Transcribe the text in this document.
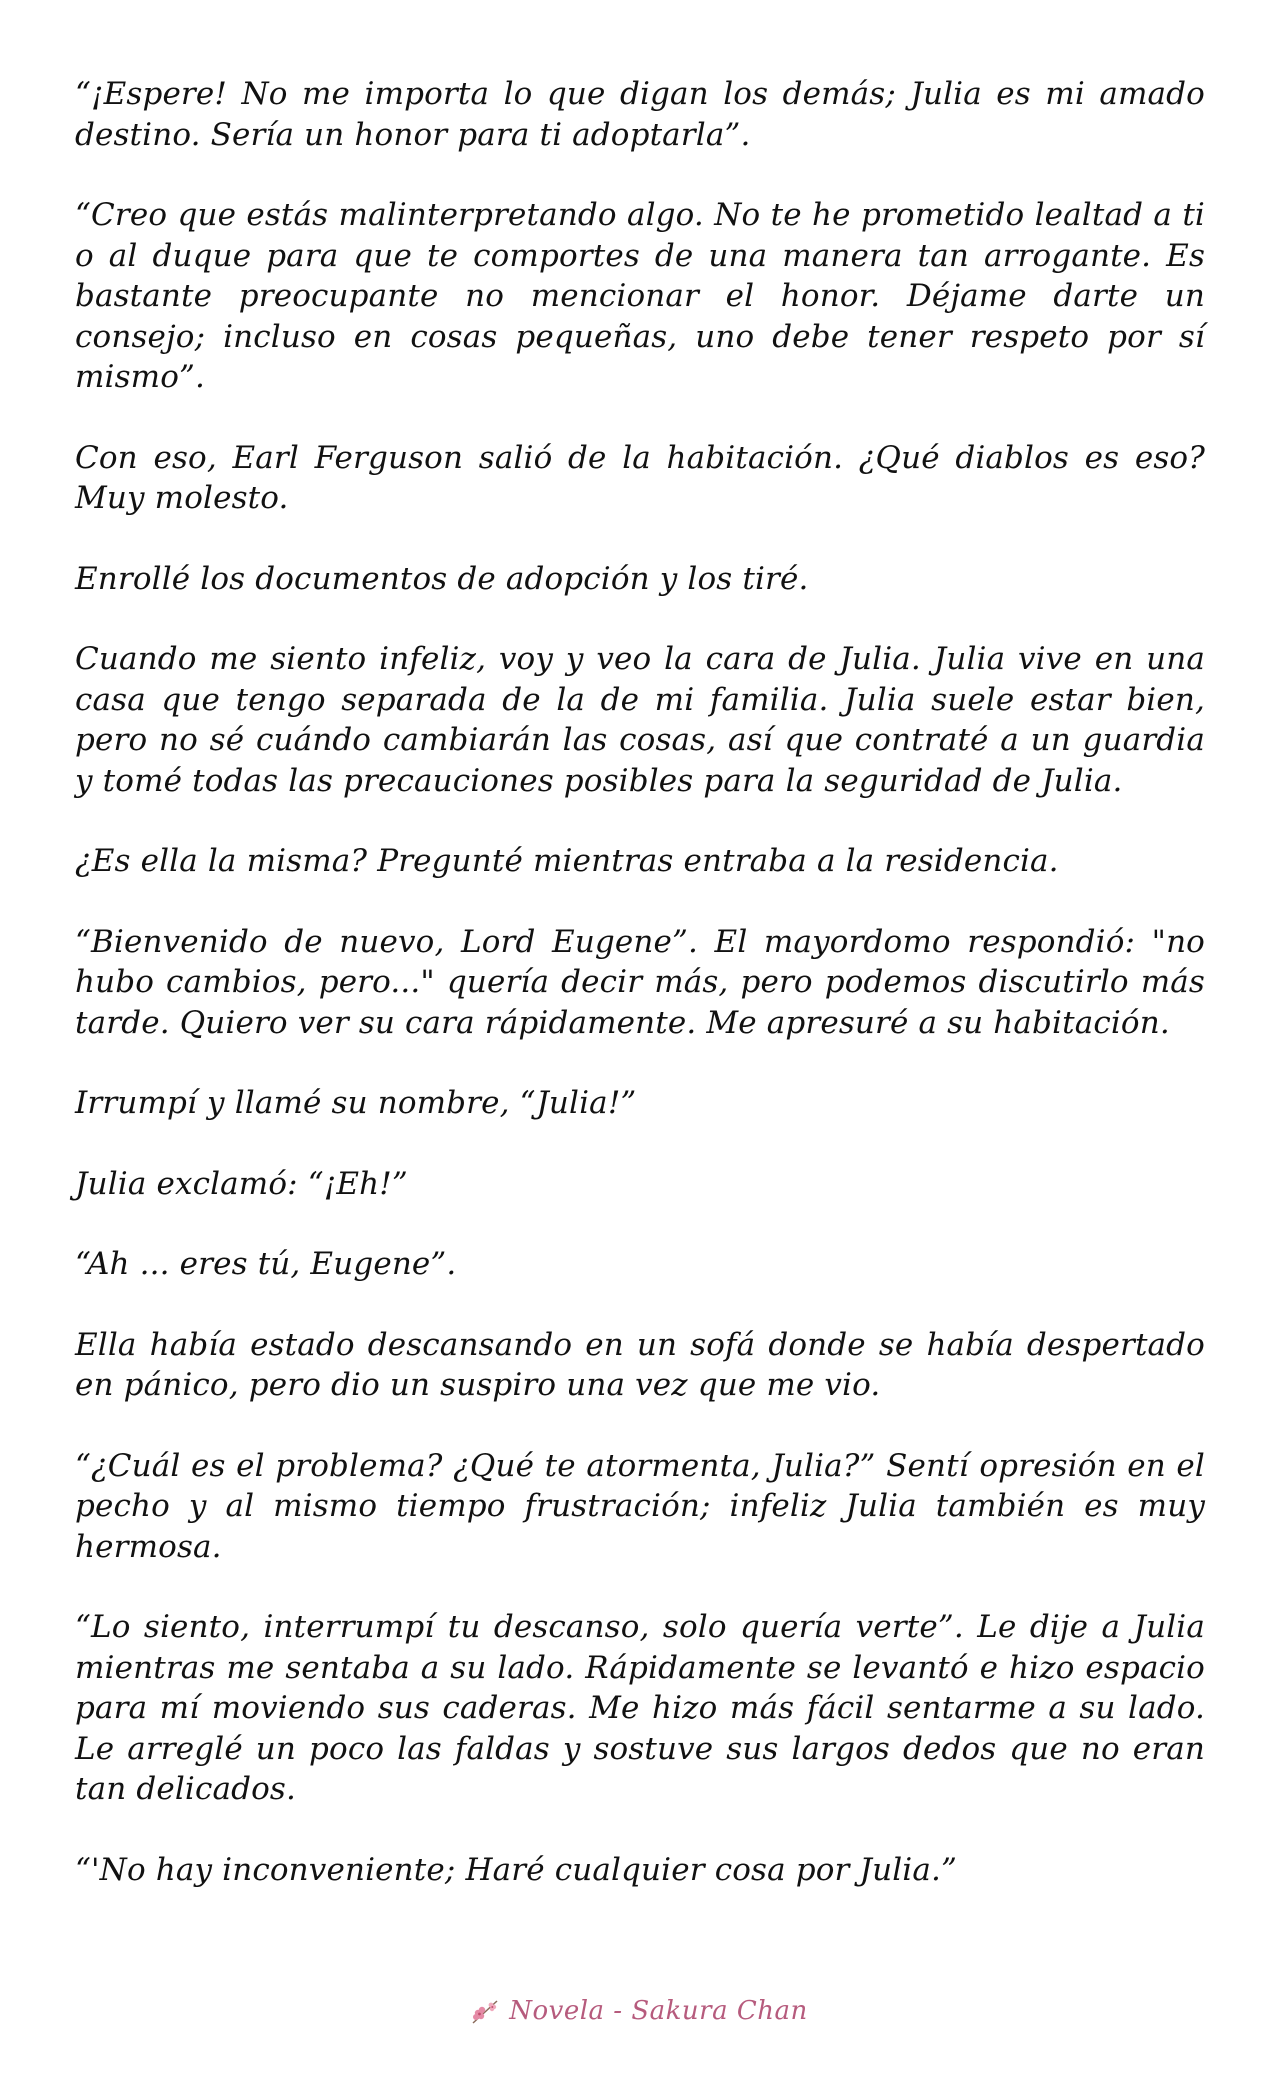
“¡Espere! No me importa lo que digan los demás; Julia es mi amado destino. Sería un honor para ti adoptarla”.

“Creo que estás malinterpretando algo. No te he prometido lealtad a ti o al duque para que te comportes de una manera tan arrogante. Es bastante preocupante no mencionar el honor. Déjame darte un consejo; incluso en cosas pequeñas, uno debe tener respeto por sí mismo”.

Con eso, Earl Ferguson salió de la habitación. ¿Qué diablos es eso? Muy molesto.

Enrollé los documentos de adopción y los tiré.

Cuando me siento infeliz, voy y veo la cara de Julia. Julia vive en una casa que tengo separada de la de mi familia. Julia suele estar bien, pero no sé cuándo cambiarán las cosas, así que contraté a un guardia y tomé todas las precauciones posibles para la seguridad de Julia.

¿Es ella la misma? Pregunté mientras entraba a la residencia.

“Bienvenido de nuevo, Lord Eugene”. El mayordomo respondió: "no hubo cambios, pero..." quería decir más, pero podemos discutirlo más tarde. Quiero ver su cara rápidamente. Me apresuré a su habitación.

Irrumpí y llamé su nombre, “Julia!”

Julia exclamó: “¡Eh!”

“Ah ... eres tú, Eugene”.

Ella había estado descansando en un sofá donde se había despertado en pánico, pero dio un suspiro una vez que me vio.

“¿Cuál es el problema? ¿Qué te atormenta, Julia?” Sentí opresión en el pecho y al mismo tiempo frustración; infeliz Julia también es muy hermosa.

“Lo siento, interrumpí tu descanso, solo quería verte”. Le dije a Julia mientras me sentaba a su lado. Rápidamente se levantó e hizo espacio para mí moviendo sus caderas. Me hizo más fácil sentarme a su lado. Le arreglé un poco las faldas y sostuve sus largos dedos que no eran tan delicados.

“'No hay inconveniente; Haré cualquier cosa por Julia.”

Novela - Sakura Chan
